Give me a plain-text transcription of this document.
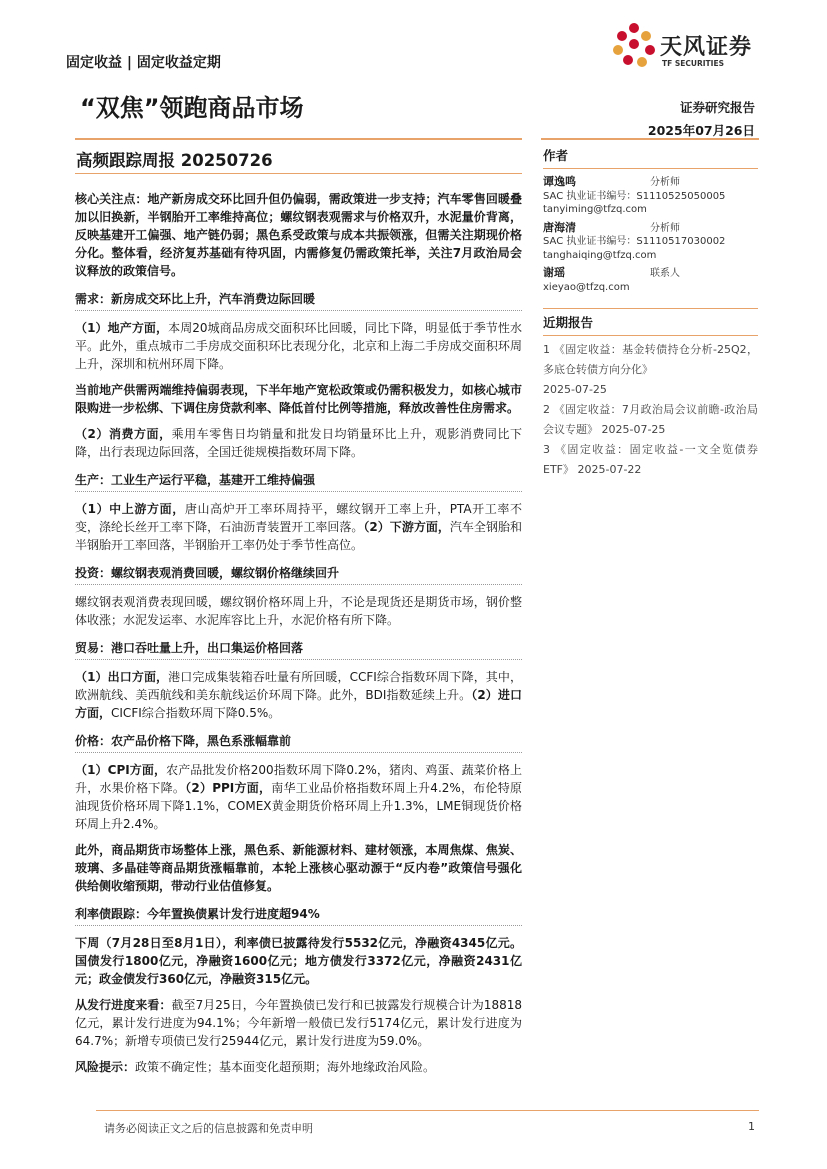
固定收益 | 固定收益定期
天风证券
TF SECURITIES
“双焦”领跑商品市场	证券研究报告
2025年07月26日
高频跟踪周报 20250726	作者
谭逸鸣	分析师
SAC 执业证书编号：S1110525050005
tanyiming@tfzq.com
唐海清	分析师
SAC 执业证书编号：S1110517030002
tanghaiqing@tfzq.com
谢瑶	联系人
xieyao@tfzq.com
近期报告
1 《固定收益：基金转债持仓分析-25Q2，多底仓转债方向分化》
2025-07-25
2 《固定收益：7月政治局会议前瞻-政治局会议专题》 2025-07-25
3 《固定收益：固定收益-一文全览债券ETF》 2025-07-22

核心关注点：地产新房成交环比回升但仍偏弱，需政策进一步支持；汽车零售回暖叠加以旧换新，半钢胎开工率维持高位；螺纹钢表观需求与价格双升，水泥量价背离，反映基建开工偏强、地产链仍弱；黑色系受政策与成本共振领涨，但需关注期现价格分化。整体看，经济复苏基础有待巩固，内需修复仍需政策托举，关注7月政治局会议释放的政策信号。

需求：新房成交环比上升，汽车消费边际回暖

（1）地产方面，本周20城商品房成交面积环比回暖，同比下降，明显低于季节性水平。此外，重点城市二手房成交面积环比表现分化，北京和上海二手房成交面积环周上升，深圳和杭州环周下降。

当前地产供需两端维持偏弱表现，下半年地产宽松政策或仍需积极发力，如核心城市限购进一步松绑、下调住房贷款利率、降低首付比例等措施，释放改善性住房需求。

（2）消费方面，乘用车零售日均销量和批发日均销量环比上升，观影消费同比下降，出行表现边际回落，全国迁徙规模指数环周下降。

生产：工业生产运行平稳，基建开工维持偏强

（1）中上游方面，唐山高炉开工率环周持平，螺纹钢开工率上升，PTA开工率不变，涤纶长丝开工率下降，石油沥青装置开工率回落。（2）下游方面，汽车全钢胎和半钢胎开工率回落，半钢胎开工率仍处于季节性高位。

投资：螺纹钢表观消费回暖，螺纹钢价格继续回升

螺纹钢表观消费表现回暖，螺纹钢价格环周上升，不论是现货还是期货市场，钢价整体收涨；水泥发运率、水泥库容比上升，水泥价格有所下降。

贸易：港口吞吐量上升，出口集运价格回落

（1）出口方面，港口完成集装箱吞吐量有所回暖，CCFI综合指数环周下降，其中，欧洲航线、美西航线和美东航线运价环周下降。此外，BDI指数延续上升。（2）进口方面，CICFI综合指数环周下降0.5%。

价格：农产品价格下降，黑色系涨幅靠前

（1）CPI方面，农产品批发价格200指数环周下降0.2%，猪肉、鸡蛋、蔬菜价格上升，水果价格下降。（2）PPI方面，南华工业品价格指数环周上升4.2%，布伦特原油现货价格环周下降1.1%，COMEX黄金期货价格环周上升1.3%，LME铜现货价格环周上升2.4%。

此外，商品期货市场整体上涨，黑色系、新能源材料、建材领涨，本周焦煤、焦炭、玻璃、多晶硅等商品期货涨幅靠前，本轮上涨核心驱动源于“反内卷”政策信号强化供给侧收缩预期，带动行业估值修复。

利率债跟踪：今年置换债累计发行进度超94%

下周（7月28日至8月1日），利率债已披露待发行5532亿元，净融资4345亿元。国债发行1800亿元，净融资1600亿元；地方债发行3372亿元，净融资2431亿元；政金债发行360亿元，净融资315亿元。

从发行进度来看：截至7月25日，今年置换债已发行和已披露发行规模合计为18818亿元，累计发行进度为94.1%；今年新增一般债已发行5174亿元，累计发行进度为64.7%；新增专项债已发行25944亿元，累计发行进度为59.0%。

风险提示：政策不确定性；基本面变化超预期；海外地缘政治风险。

请务必阅读正文之后的信息披露和免责申明	1
